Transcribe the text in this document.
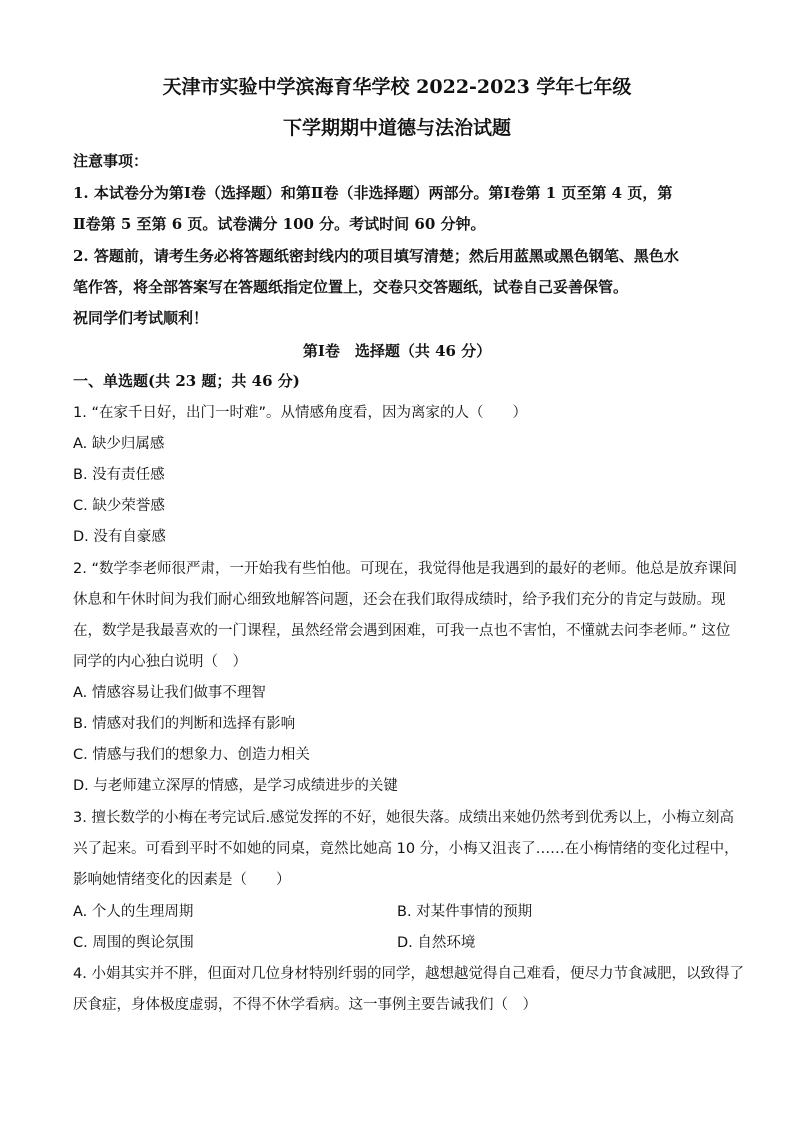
天津市实验中学滨海育华学校 2022-2023 学年七年级
下学期期中道德与法治试题
注意事项：
1. 本试卷分为第Ⅰ卷（选择题）和第Ⅱ卷（非选择题）两部分。第Ⅰ卷第 1 页至第 4 页，第
Ⅱ卷第 5 至第 6 页。试卷满分 100 分。考试时间 60 分钟。
2. 答题前，请考生务必将答题纸密封线内的项目填写清楚；然后用蓝黑或黑色钢笔、黑色水
笔作答，将全部答案写在答题纸指定位置上，交卷只交答题纸，试卷自己妥善保管。
祝同学们考试顺利！
第Ⅰ卷　选择题（共 46 分）
一、单选题(共 23 题；共 46 分)
1. “在家千日好，出门一时难”。从情感角度看，因为离家的人（　　）
A. 缺少归属感
B. 没有责任感
C. 缺少荣誉感
D. 没有自豪感
2. “数学李老师很严肃，一开始我有些怕他。可现在，我觉得他是我遇到的最好的老师。他总是放弃课间
休息和午休时间为我们耐心细致地解答问题，还会在我们取得成绩时，给予我们充分的肯定与鼓励。现
在，数学是我最喜欢的一门课程，虽然经常会遇到困难，可我一点也不害怕，不懂就去问李老师。” 这位
同学的内心独白说明（　）
A. 情感容易让我们做事不理智
B. 情感对我们的判断和选择有影响
C. 情感与我们的想象力、创造力相关
D. 与老师建立深厚的情感，是学习成绩进步的关键
3. 擅长数学的小梅在考完试后.感觉发挥的不好，她很失落。成绩出来她仍然考到优秀以上，小梅立刻高
兴了起来。可看到平时不如她的同桌，竟然比她高 10 分，小梅又沮丧了……在小梅情绪的变化过程中，
影响她情绪变化的因素是（　　）
A. 个人的生理周期	B. 对某件事情的预期
C. 周围的舆论氛围	D. 自然环境
4. 小娟其实并不胖，但面对几位身材特别纤弱的同学，越想越觉得自己难看，便尽力节食减肥，以致得了
厌食症，身体极度虚弱，不得不休学看病。这一事例主要告诫我们（　）
